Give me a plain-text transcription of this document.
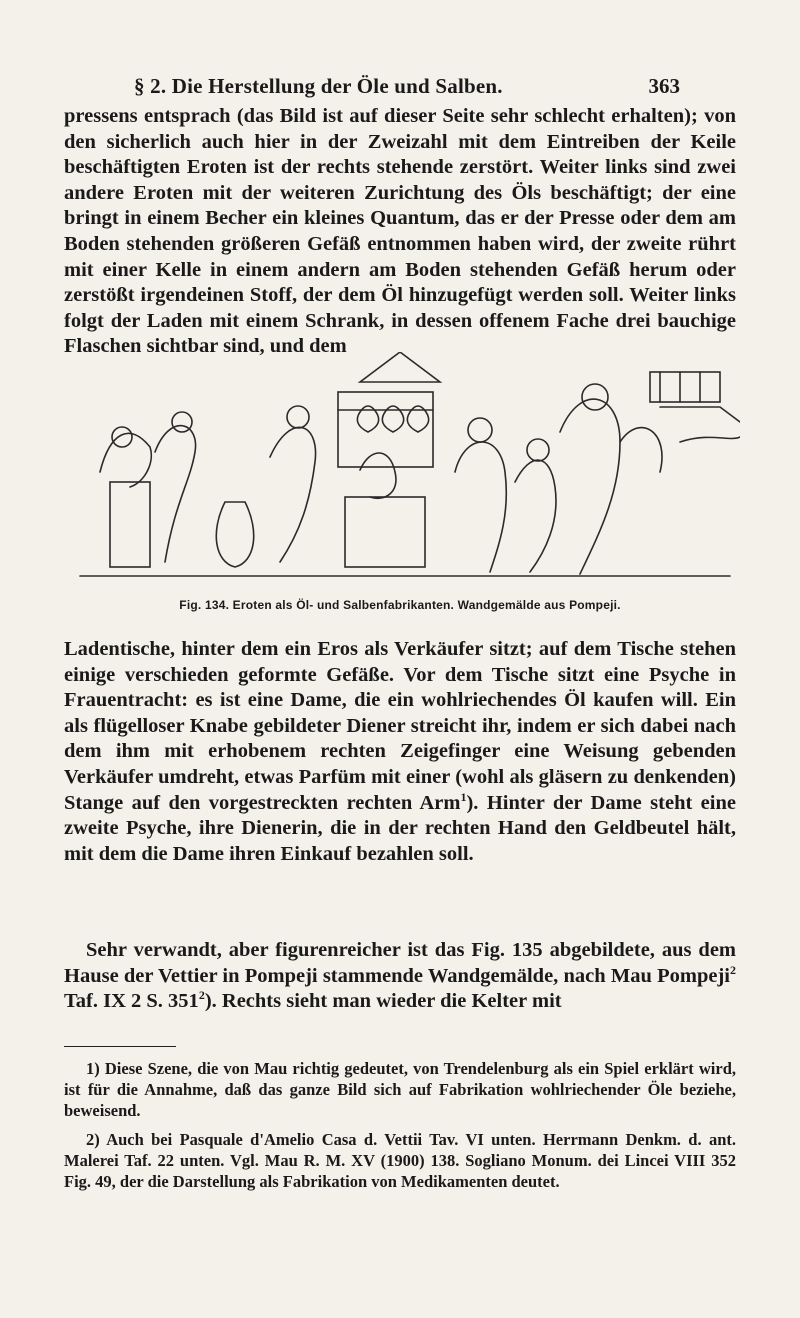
§ 2. Die Herstellung der Öle und Salben.	363

pressens entsprach (das Bild ist auf dieser Seite sehr schlecht erhalten); von den sicherlich auch hier in der Zweizahl mit dem Eintreiben der Keile beschäftigten Eroten ist der rechts stehende zerstört. Weiter links sind zwei andere Eroten mit der weiteren Zurichtung des Öls beschäftigt; der eine bringt in einem Becher ein kleines Quantum, das er der Presse oder dem am Boden stehenden größeren Gefäß entnommen haben wird, der zweite rührt mit einer Kelle in einem andern am Boden stehenden Gefäß herum oder zerstößt irgendeinen Stoff, der dem Öl hinzugefügt werden soll. Weiter links folgt der Laden mit einem Schrank, in dessen offenem Fache drei bauchige Flaschen sichtbar sind, und dem

Fig. 134. Eroten als Öl- und Salbenfabrikanten. Wandgemälde aus Pompeji.

Ladentische, hinter dem ein Eros als Verkäufer sitzt; auf dem Tische stehen einige verschieden geformte Gefäße. Vor dem Tische sitzt eine Psyche in Frauentracht: es ist eine Dame, die ein wohlriechendes Öl kaufen will. Ein als flügelloser Knabe gebildeter Diener streicht ihr, indem er sich dabei nach dem ihm mit erhobenem rechten Zeigefinger eine Weisung gebenden Verkäufer umdreht, etwas Parfüm mit einer (wohl als gläsern zu denkenden) Stange auf den vorgestreckten rechten Arm$^1$). Hinter der Dame steht eine zweite Psyche, ihre Dienerin, die in der rechten Hand den Geldbeutel hält, mit dem die Dame ihren Einkauf bezahlen soll.

Sehr verwandt, aber figurenreicher ist das Fig. 135 abgebildete, aus dem Hause der Vettier in Pompeji stammende Wandgemälde, nach Mau Pompeji$^2$ Taf. IX 2 S. $351^2$). Rechts sieht man wieder die Kelter mit

1) Diese Szene, die von Mau richtig gedeutet, von Trendelenburg als ein Spiel erklärt wird, ist für die Annahme, daß das ganze Bild sich auf Fabrikation wohlriechender Öle beziehe, beweisend.

2) Auch bei Pasquale d'Amelio Casa d. Vettii Tav. VI unten. Herrmann Denkm. d. ant. Malerei Taf. 22 unten. Vgl. Mau R. M. XV (1900) 138. Sogliano Monum. dei Lincei VIII 352 Fig. 49, der die Darstellung als Fabrikation von Medikamenten deutet.
